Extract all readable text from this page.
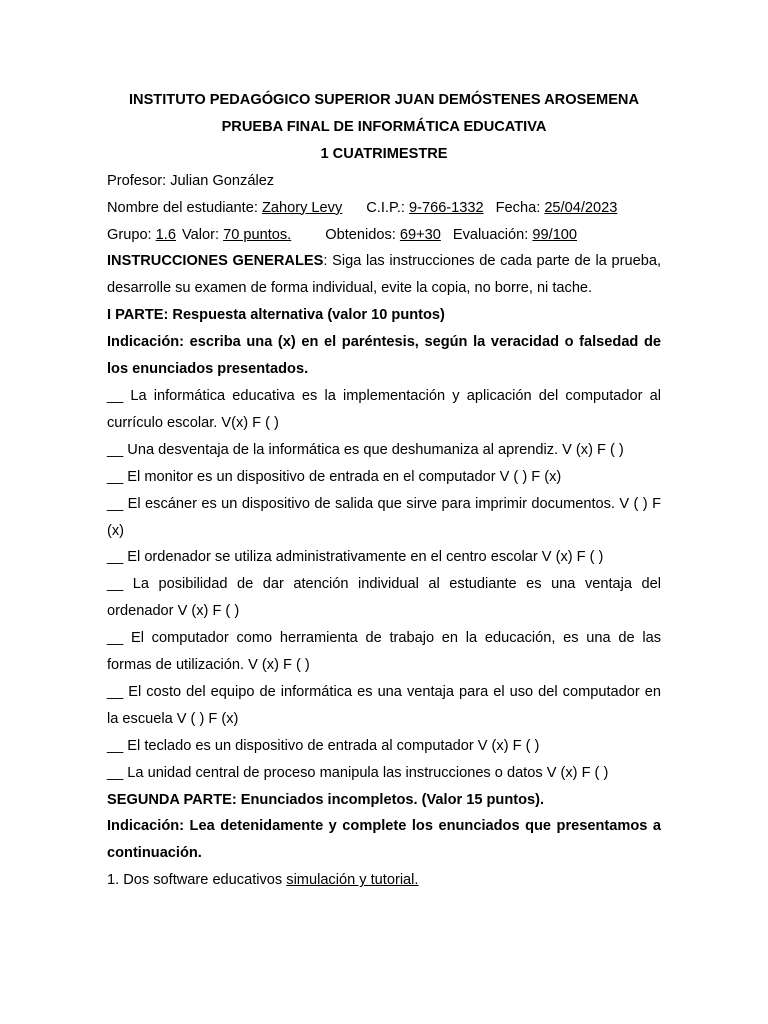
INSTITUTO PEDAGÓGICO SUPERIOR JUAN DEMÓSTENES AROSEMENA
PRUEBA FINAL DE INFORMÁTICA EDUCATIVA
1 CUATRIMESTRE
Profesor: Julian González
Nombre del estudiante: Zahory Levy C.I.P.: 9-766-1332 Fecha: 25/04/2023
Grupo: 1.6 Valor: 70 puntos. Obtenidos: 69+30 Evaluación: 99/100
INSTRUCCIONES GENERALES: Siga las instrucciones de cada parte de la prueba, desarrolle su examen de forma individual, evite la copia, no borre, ni tache.
I PARTE: Respuesta alternativa (valor 10 puntos)
Indicación: escriba una (x) en el paréntesis, según la veracidad o falsedad de los enunciados presentados.
__ La informática educativa es la implementación y aplicación del computador al currículo escolar. V(x) F ( )
__ Una desventaja de la informática es que deshumaniza al aprendiz. V (x) F ( )
__ El monitor es un dispositivo de entrada en el computador V ( ) F (x)
__ El escáner es un dispositivo de salida que sirve para imprimir documentos. V ( ) F (x)
__ El ordenador se utiliza administrativamente en el centro escolar V (x) F ( )
__ La posibilidad de dar atención individual al estudiante es una ventaja del ordenador V (x) F ( )
__ El computador como herramienta de trabajo en la educación, es una de las formas de utilización. V (x) F ( )
__ El costo del equipo de informática es una ventaja para el uso del computador en la escuela V ( ) F (x)
__ El teclado es un dispositivo de entrada al computador V (x) F ( )
__ La unidad central de proceso manipula las instrucciones o datos V (x) F ( )
SEGUNDA PARTE: Enunciados incompletos. (Valor 15 puntos).
Indicación: Lea detenidamente y complete los enunciados que presentamos a continuación.
1. Dos software educativos simulación y tutorial.
